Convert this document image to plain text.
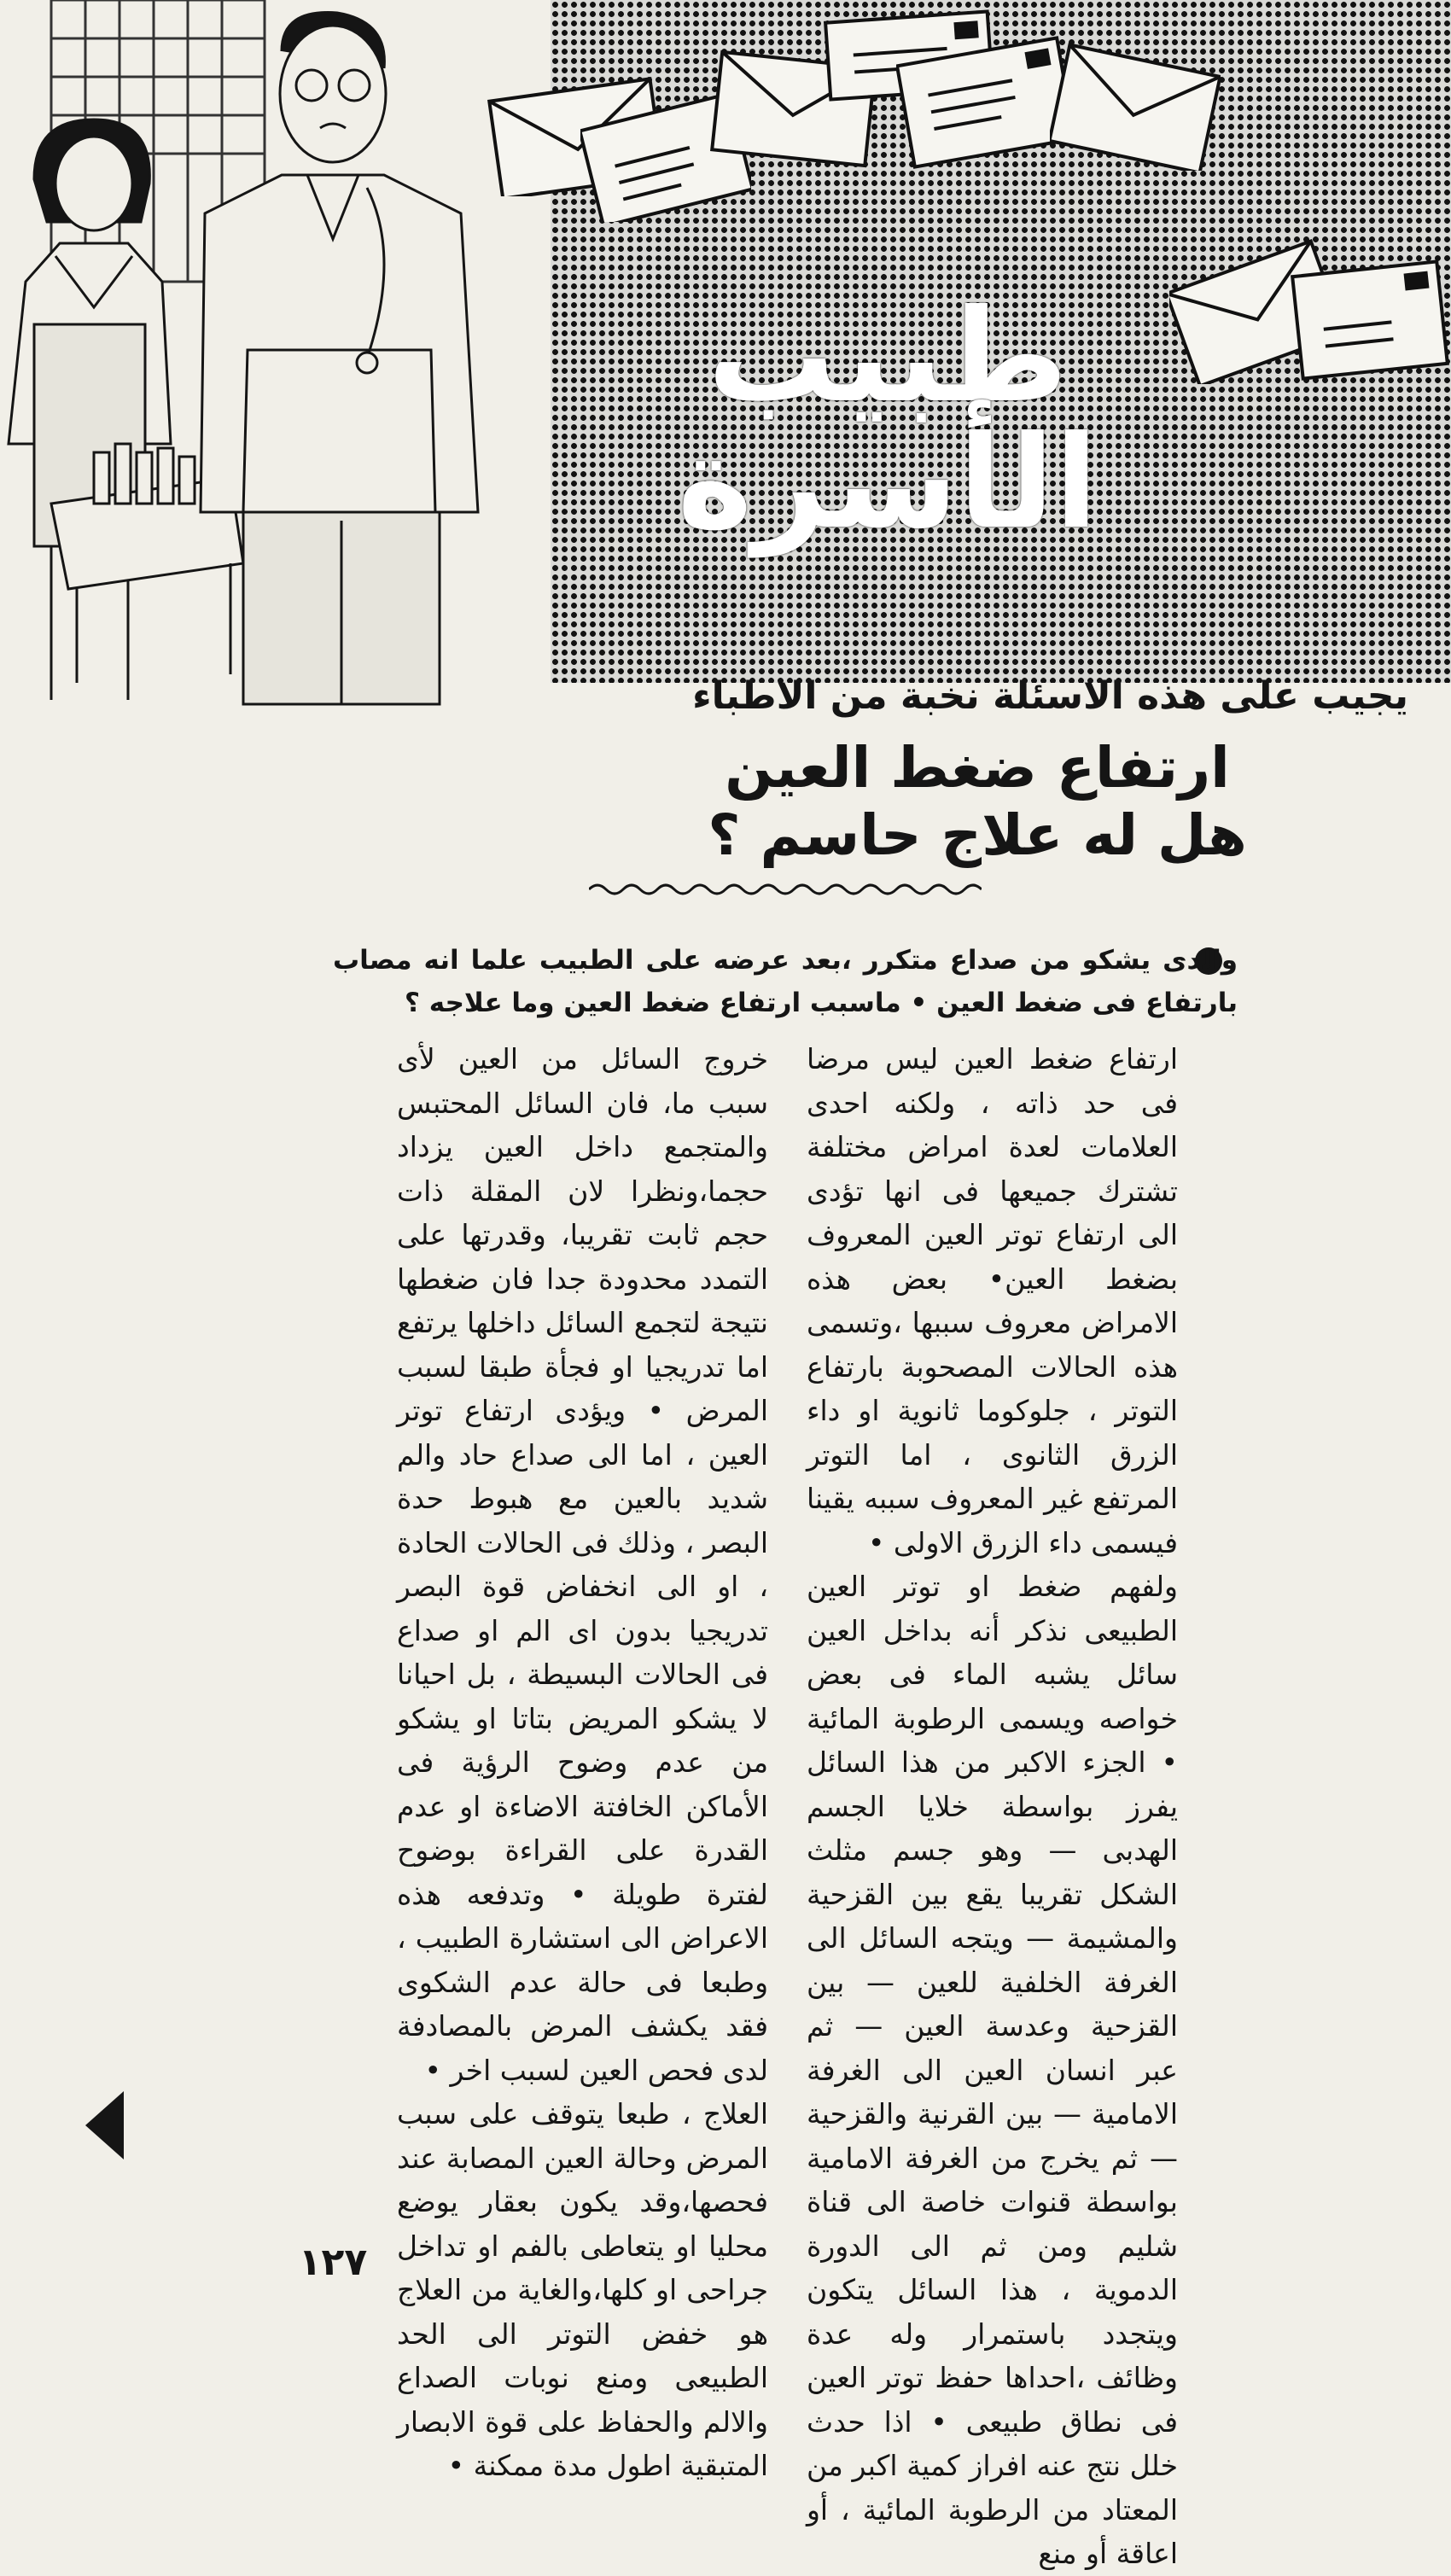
طبيب
الأسرة
يجيب على هذه الاسئلة نخبة من الاطباء
ارتفاع ضغط العين
هل له علاج حاسم ؟
والدى يشكو من صداع متكرر ،بعد عرضه على الطبيب علما انه مصاب بارتفاع فى ضغط العين • ماسبب ارتفاع ضغط العين وما علاجه ؟

ارتفاع ضغط العين ليس مرضا فى حد ذاته ، ولكنه احدى العلامات لعدة امراض مختلفة تشترك جميعها فى انها تؤدى الى ارتفاع توتر العين المعروف بضغط العين• بعض هذه الامراض معروف سببها ،وتسمى هذه الحالات المصحوبة بارتفاع التوتر ، جلوكوما ثانوية او داء الزرق الثانوى ، اما التوتر المرتفع غير المعروف سببه يقينا فيسمى داء الزرق الاولى •

ولفهم ضغط او توتر العين الطبيعى نذكر أنه بداخل العين سائل يشبه الماء فى بعض خواصه ويسمى الرطوبة المائية • الجزء الاكبر من هذا السائل يفرز بواسطة خلايا الجسم الهدبى — وهو جسم مثلث الشكل تقريبا يقع بين القزحية والمشيمة — ويتجه السائل الى الغرفة الخلفية للعين — بين القزحية وعدسة العين — ثم عبر انسان العين الى الغرفة الامامية — بين القرنية والقزحية — ثم يخرج من الغرفة الامامية بواسطة قنوات خاصة الى قناة شليم ومن ثم الى الدورة الدموية ، هذا السائل يتكون ويتجدد باستمرار وله عدة وظائف ،احداها حفظ توتر العين فى نطاق طبيعى • اذا حدث خلل نتج عنه افراز كمية اكبر من المعتاد من الرطوبة المائية ، أو اعاقة أو منع

خروج السائل من العين لأى سبب ما، فان السائل المحتبس والمتجمع داخل العين يزداد حجما،ونظرا لان المقلة ذات حجم ثابت تقريبا، وقدرتها على التمدد محدودة جدا فان ضغطها نتيجة لتجمع السائل داخلها يرتفع اما تدريجيا او فجأة طبقا لسبب المرض • ويؤدى ارتفاع توتر العين ، اما الى صداع حاد والم شديد بالعين مع هبوط حدة البصر ، وذلك فى الحالات الحادة ، او الى انخفاض قوة البصر تدريجيا بدون اى الم او صداع فى الحالات البسيطة ، بل احيانا لا يشكو المريض بتاتا او يشكو من عدم وضوح الرؤية فى الأماكن الخافتة الاضاءة او عدم القدرة على القراءة بوضوح لفترة طويلة • وتدفعه هذه الاعراض الى استشارة الطبيب ، وطبعا فى حالة عدم الشكوى فقد يكشف المرض بالمصادفة لدى فحص العين لسبب اخر •

العلاج ، طبعا يتوقف على سبب المرض وحالة العين المصابة عند فحصها،وقد يكون بعقار يوضع محليا او يتعاطى بالفم او تداخل جراحى او كلها،والغاية من العلاج هو خفض التوتر الى الحد الطبيعى ومنع نوبات الصداع والالم والحفاظ على قوة الابصار المتبقية اطول مدة ممكنة •

١٢٧
